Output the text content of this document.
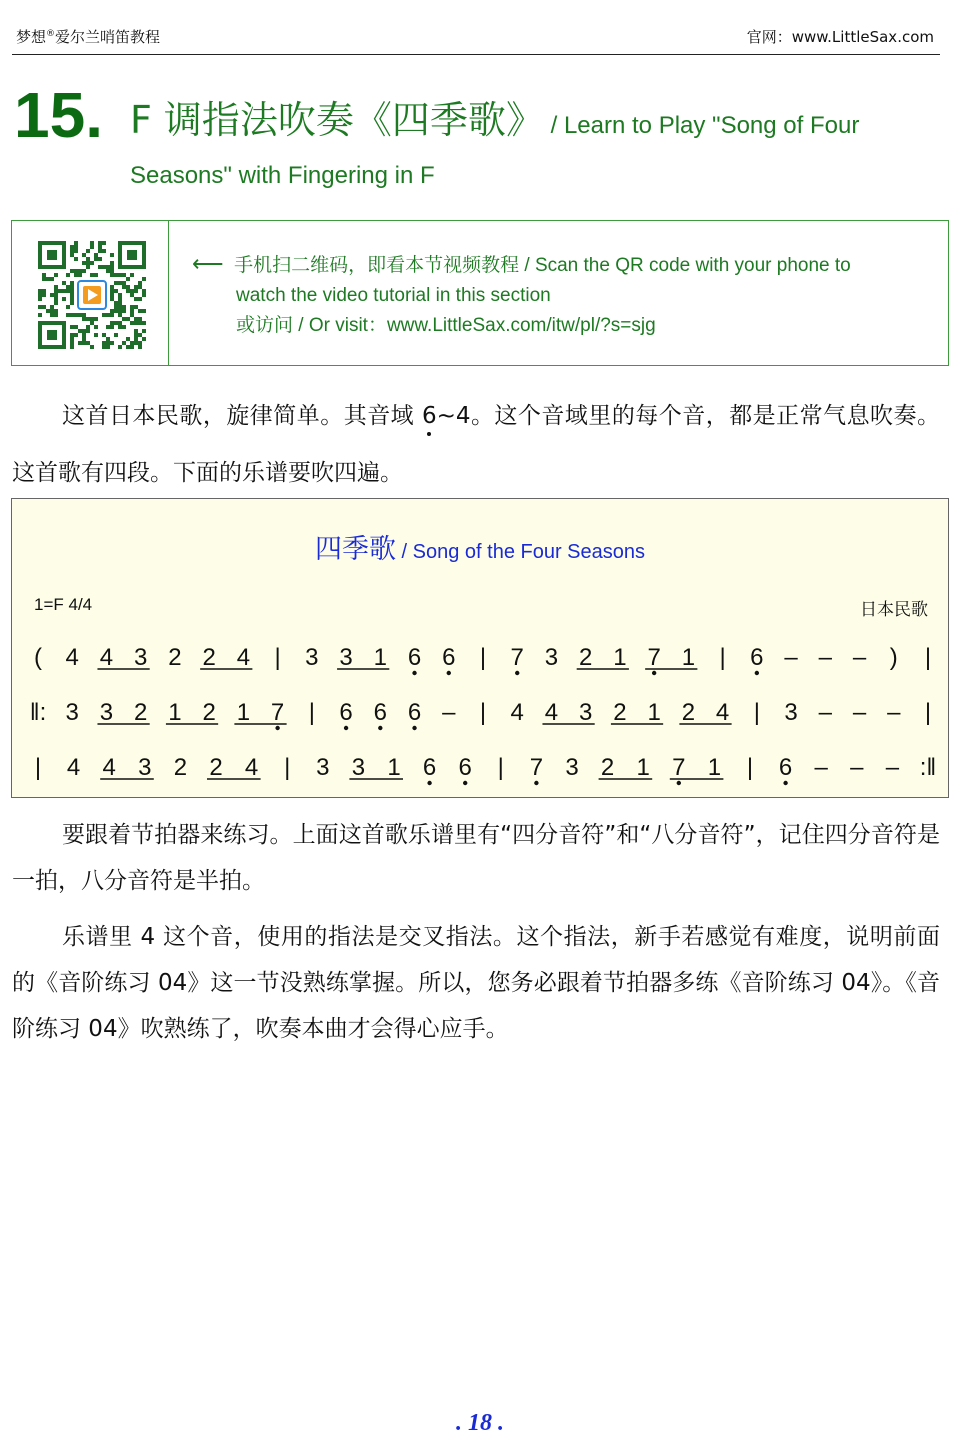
梦想®爱尔兰哨笛教程	官网：www.LittleSax.com
15. F 调指法吹奏《四季歌》 / Learn to Play "Song of Four Seasons" with Fingering in F
⟵ 手机扫二维码，即看本节视频教程 / Scan the QR code with your phone to
watch the video tutorial in this section
或访问 / Or visit：www.LittleSax.com/itw/pl/?s=sjg
这首日本民歌，旋律简单。其音域 6
~4。这个音域里的每个音，都是正常气息吹奏。这首歌有四段。下面的乐谱要吹四遍。
四季歌 / Song of the Four Seasons
1=F 4/4	日本民歌
( 4 4 3 2 2 4 | 3 3 1 6 6 | 7 3 2 1 7 1 | 6 – – – ) |
‖: 3 3 2 1 2 1 7 | 6 6 6 – | 4 4 3 2 1 2 4 | 3 – – – |
| 4 4 3 2 2 4 | 3 3 1 6 6 | 7 3 2 1 7 1 | 6 – – – :‖
要跟着节拍器来练习。上面这首歌乐谱里有“四分音符”和“八分音符”，记住四分音符是一拍，八分音符是半拍。
乐谱里 4 这个音，使用的指法是交叉指法。这个指法，新手若感觉有难度，说明前面的《音阶练习 04》这一节没熟练掌握。所以，您务必跟着节拍器多练《音阶练习 04》。《音阶练习 04》吹熟练了，吹奏本曲才会得心应手。
. 18 .
